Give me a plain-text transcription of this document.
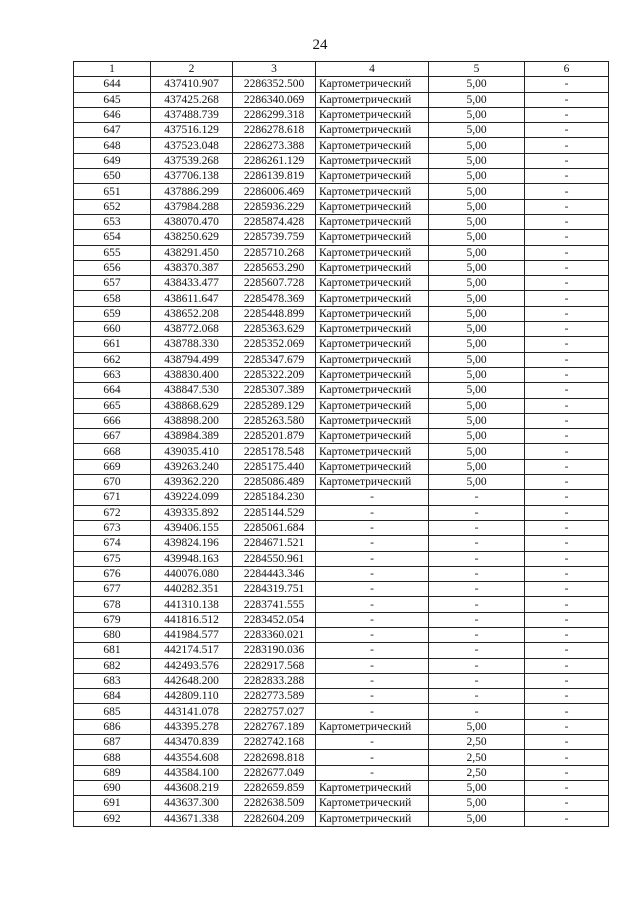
24
1	2	3	4	5	6
644	437410.907	2286352.500	Картометрический	5,00	-
645	437425.268	2286340.069	Картометрический	5,00	-
646	437488.739	2286299.318	Картометрический	5,00	-
647	437516.129	2286278.618	Картометрический	5,00	-
648	437523.048	2286273.388	Картометрический	5,00	-
649	437539.268	2286261.129	Картометрический	5,00	-
650	437706.138	2286139.819	Картометрический	5,00	-
651	437886.299	2286006.469	Картометрический	5,00	-
652	437984.288	2285936.229	Картометрический	5,00	-
653	438070.470	2285874.428	Картометрический	5,00	-
654	438250.629	2285739.759	Картометрический	5,00	-
655	438291.450	2285710.268	Картометрический	5,00	-
656	438370.387	2285653.290	Картометрический	5,00	-
657	438433.477	2285607.728	Картометрический	5,00	-
658	438611.647	2285478.369	Картометрический	5,00	-
659	438652.208	2285448.899	Картометрический	5,00	-
660	438772.068	2285363.629	Картометрический	5,00	-
661	438788.330	2285352.069	Картометрический	5,00	-
662	438794.499	2285347.679	Картометрический	5,00	-
663	438830.400	2285322.209	Картометрический	5,00	-
664	438847.530	2285307.389	Картометрический	5,00	-
665	438868.629	2285289.129	Картометрический	5,00	-
666	438898.200	2285263.580	Картометрический	5,00	-
667	438984.389	2285201.879	Картометрический	5,00	-
668	439035.410	2285178.548	Картометрический	5,00	-
669	439263.240	2285175.440	Картометрический	5,00	-
670	439362.220	2285086.489	Картометрический	5,00	-
671	439224.099	2285184.230	-	-	-
672	439335.892	2285144.529	-	-	-
673	439406.155	2285061.684	-	-	-
674	439824.196	2284671.521	-	-	-
675	439948.163	2284550.961	-	-	-
676	440076.080	2284443.346	-	-	-
677	440282.351	2284319.751	-	-	-
678	441310.138	2283741.555	-	-	-
679	441816.512	2283452.054	-	-	-
680	441984.577	2283360.021	-	-	-
681	442174.517	2283190.036	-	-	-
682	442493.576	2282917.568	-	-	-
683	442648.200	2282833.288	-	-	-
684	442809.110	2282773.589	-	-	-
685	443141.078	2282757.027	-	-	-
686	443395.278	2282767.189	Картометрический	5,00	-
687	443470.839	2282742.168	-	2,50	-
688	443554.608	2282698.818	-	2,50	-
689	443584.100	2282677.049	-	2,50	-
690	443608.219	2282659.859	Картометрический	5,00	-
691	443637.300	2282638.509	Картометрический	5,00	-
692	443671.338	2282604.209	Картометрический	5,00	-
